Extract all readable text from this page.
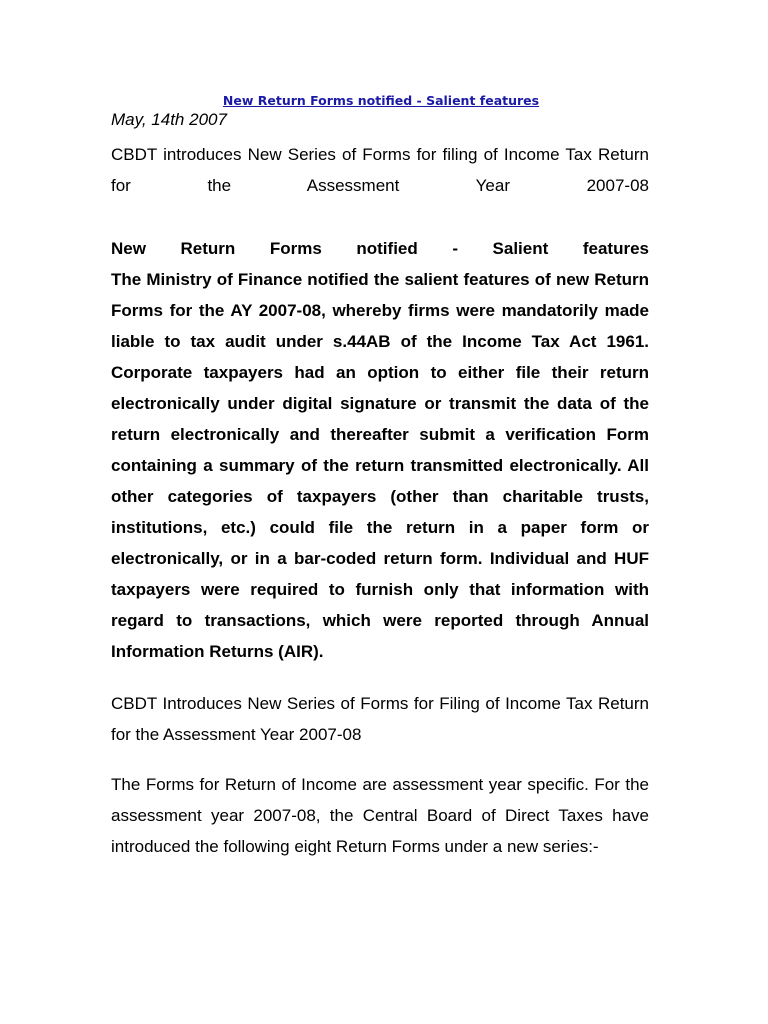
New Return Forms notified - Salient features
May, 14th 2007

CBDT introduces New Series of Forms for filing of Income Tax Return for the Assessment Year 2007-08

New Return Forms notified - Salient features
The Ministry of Finance notified the salient features of new Return Forms for the AY 2007-08, whereby firms were mandatorily made liable to tax audit under s.44AB of the Income Tax Act 1961. Corporate taxpayers had an option to either file their return electronically under digital signature or transmit the data of the return electronically and thereafter submit a verification Form containing a summary of the return transmitted electronically. All other categories of taxpayers (other than charitable trusts, institutions, etc.) could file the return in a paper form or electronically, or in a bar-coded return form. Individual and HUF taxpayers were required to furnish only that information with regard to transactions, which were reported through Annual Information Returns (AIR).

CBDT Introduces New Series of Forms for Filing of Income Tax Return for the Assessment Year 2007-08

The Forms for Return of Income are assessment year specific. For the assessment year 2007-08, the Central Board of Direct Taxes have introduced the following eight Return Forms under a new series:-
